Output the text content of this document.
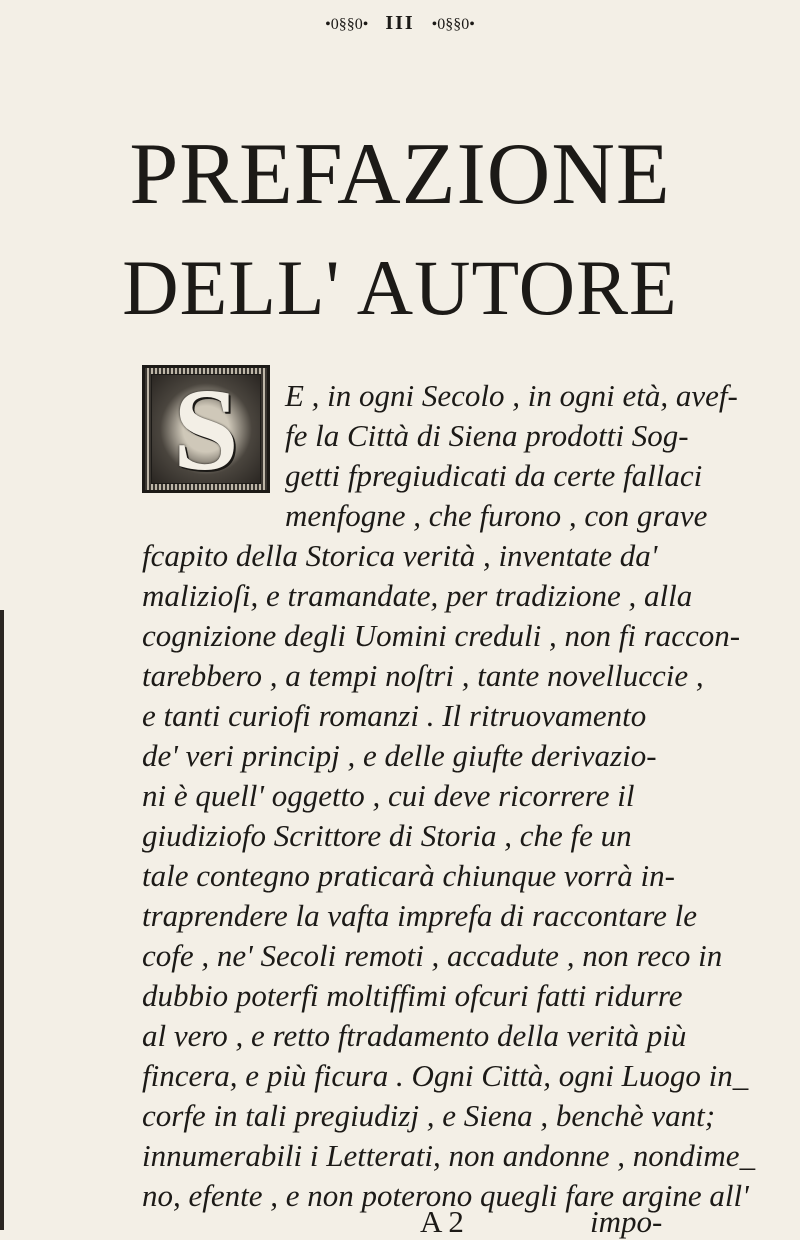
•0§§0• III •0§§0•
PREFAZIONE
DELL' AUTORE
S	E , in ogni Secolo , in ogni età, avef-
fe la Città di Siena prodotti Sog-
getti fpregiudicati da certe fallaci
menfogne , che furono , con grave
fcapito della Storica verità , inventate da'
malizioſi, e tramandate, per tradizione , alla
cognizione degli Uomini creduli , non fi raccon-
tarebbero , a tempi noſtri , tante novelluccie ,
e tanti curiofi romanzi . Il ritruovamento
de' veri principj , e delle giufte derivazio-
ni è quell' oggetto , cui deve ricorrere il
giudiziofo Scrittore di Storia , che fe un
tale contegno praticarà chiunque vorrà in-
traprendere la vafta imprefa di raccontare le
cofe , ne' Secoli remoti , accadute , non reco in
dubbio poterfi moltiffimi ofcuri fatti ridurre
al vero , e retto ftradamento della verità più
fincera, e più ficura . Ogni Città, ogni Luogo in_
corfe in tali pregiudizj , e Siena , benchè vant;
innumerabili i Letterati, non andonne , nondime_
no, efente , e non poterono quegli fare argine all'
A 2	impo-
